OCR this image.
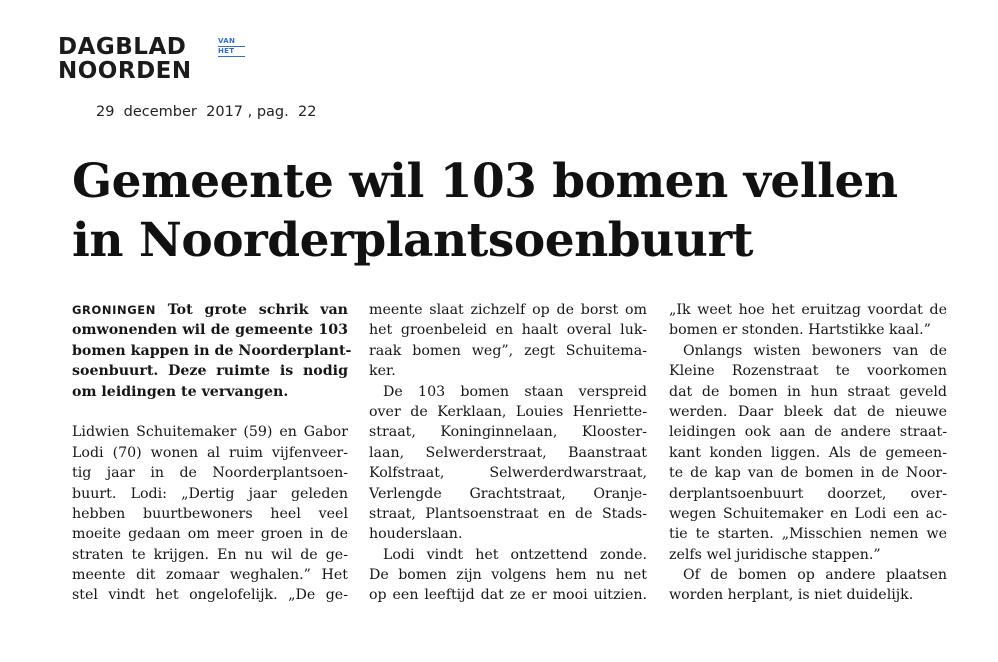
DAGBLAD	VAN
HET
NOORDEN
29  december  2017 , pag.  22
Gemeente wil 103 bomen vellen
in Noorderplantsoenbuurt
GRONINGEN Tot grote schrik van
omwonenden wil de gemeente 103
bomen kappen in de Noorderplant-
soenbuurt. Deze ruimte is nodig
om leidingen te vervangen.
Lidwien Schuitemaker (59) en Gabor
Lodi (70) wonen al ruim vijfenveer-
tig jaar in de Noorderplantsoen-
buurt. Lodi: „Dertig jaar geleden
hebben buurtbewoners heel veel
moeite gedaan om meer groen in de
straten te krijgen. En nu wil de ge-
meente dit zomaar weghalen.” Het
stel vindt het ongelofelijk. „De ge-
meente slaat zichzelf op de borst om
het groenbeleid en haalt overal luk-
raak bomen weg”, zegt Schuitema-
ker.
De 103 bomen staan verspreid
over de Kerklaan, Louies Henriette-
straat, Koninginnelaan, Klooster-
laan, Selwerderstraat, Baanstraat
Kolfstraat, Selwerderdwarstraat,
Verlengde Grachtstraat, Oranje-
straat, Plantsoenstraat en de Stads-
houderslaan.
Lodi vindt het ontzettend zonde.
De bomen zijn volgens hem nu net
op een leeftijd dat ze er mooi uitzien.
„Ik weet hoe het eruitzag voordat de
bomen er stonden. Hartstikke kaal.”
Onlangs wisten bewoners van de
Kleine Rozenstraat te voorkomen
dat de bomen in hun straat geveld
werden. Daar bleek dat de nieuwe
leidingen ook aan de andere straat-
kant konden liggen. Als de gemeen-
te de kap van de bomen in de Noor-
derplantsoenbuurt doorzet, over-
wegen Schuitemaker en Lodi een ac-
tie te starten. „Misschien nemen we
zelfs wel juridische stappen.”
Of de bomen op andere plaatsen
worden herplant, is niet duidelijk.
